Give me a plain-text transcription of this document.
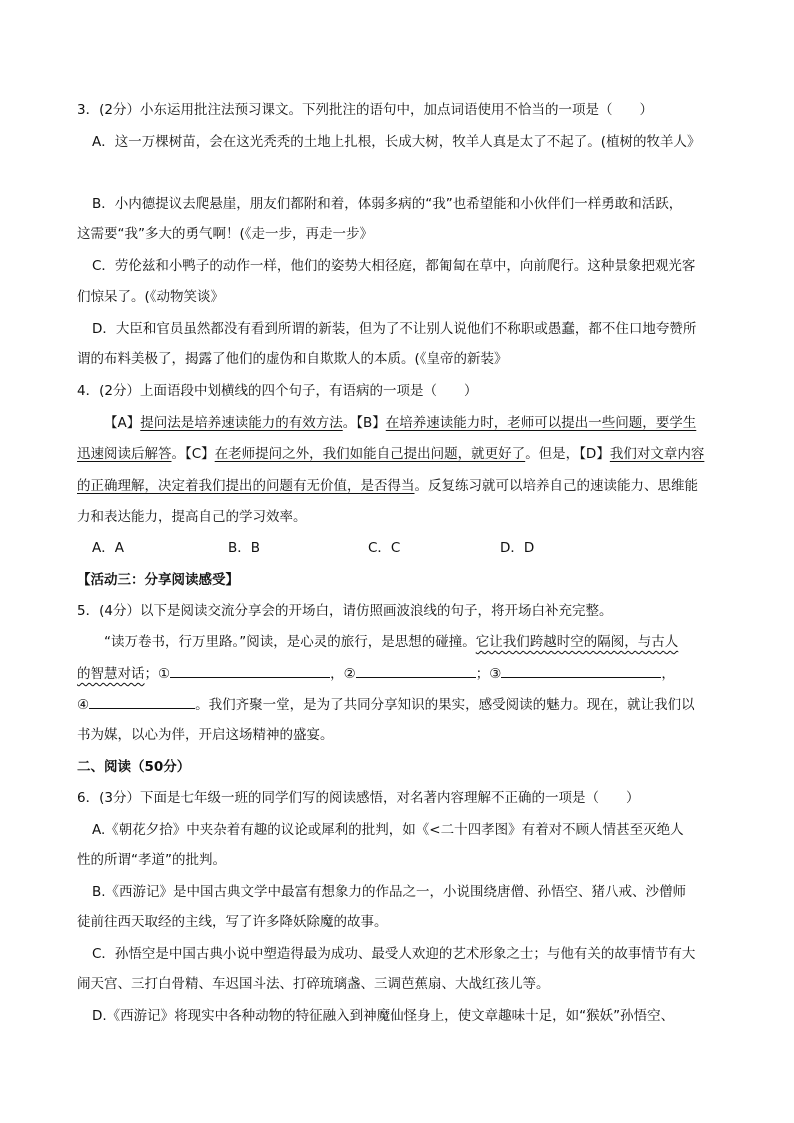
3．(2分）小东运用批注法预习课文。下列批注的语句中，加点词语使用不恰当的一项是（　　）
A．这一万棵树苗，会在这光秃秃的土地上扎根，长成大树，牧羊人真是太了不起了。(植树的牧羊人》
B．小内德提议去爬悬崖，朋友们都附和着，体弱多病的“我”也希望能和小伙伴们一样勇敢和活跃，
这需要“我”多大的勇气啊！(《走一步，再走一步》
C．劳伦兹和小鸭子的动作一样，他们的姿势大相径庭，都匍匐在草中，向前爬行。这种景象把观光客
们惊呆了。(《动物笑谈》
D．大臣和官员虽然都没有看到所谓的新装，但为了不让别人说他们不称职或愚蠢，都不住口地夸赞所
谓的布料美极了，揭露了他们的虚伪和自欺欺人的本质。(《皇帝的新装》
4．(2分）上面语段中划横线的四个句子，有语病的一项是（　　）
【A】提问法是培养速读能力的有效方法。【B】在培养速读能力时，老师可以提出一些问题，要学生
迅速阅读后解答。【C】在老师提问之外，我们如能自己提出问题，就更好了。但是，【D】我们对文章内容
的正确理解，决定着我们提出的问题有无价值，是否得当。反复练习就可以培养自己的速读能力、思维能
力和表达能力，提高自己的学习效率。
A．A	B．B	C．C	D．D
【活动三：分享阅读感受】
5．(4分）以下是阅读交流分享会的开场白，请仿照画波浪线的句子，将开场白补充完整。
“读万卷书，行万里路。”阅读，是心灵的旅行，是思想的碰撞。它让我们跨越时空的隔阂，与古人
的智慧对话；①	，②	；③	，
④	。我们齐聚一堂，是为了共同分享知识的果实，感受阅读的魅力。现在，就让我们以
书为媒，以心为伴，开启这场精神的盛宴。
二、阅读（50分）
6．(3分）下面是七年级一班的同学们写的阅读感悟，对名著内容理解不正确的一项是（　　）
A.《朝花夕拾》中夹杂着有趣的议论或犀利的批判，如《<二十四孝图》有着对不顾人情甚至灭绝人
性的所谓“孝道”的批判。
B.《西游记》是中国古典文学中最富有想象力的作品之一，小说围绕唐僧、孙悟空、猪八戒、沙僧师
徒前往西天取经的主线，写了许多降妖除魔的故事。
C．孙悟空是中国古典小说中塑造得最为成功、最受人欢迎的艺术形象之士；与他有关的故事情节有大
闹天宫、三打白骨精、车迟国斗法、打碎琉璃盏、三调芭蕉扇、大战红孩儿等。
D.《西游记》将现实中各种动物的特征融入到神魔仙怪身上，使文章趣味十足，如“猴妖”孙悟空、
